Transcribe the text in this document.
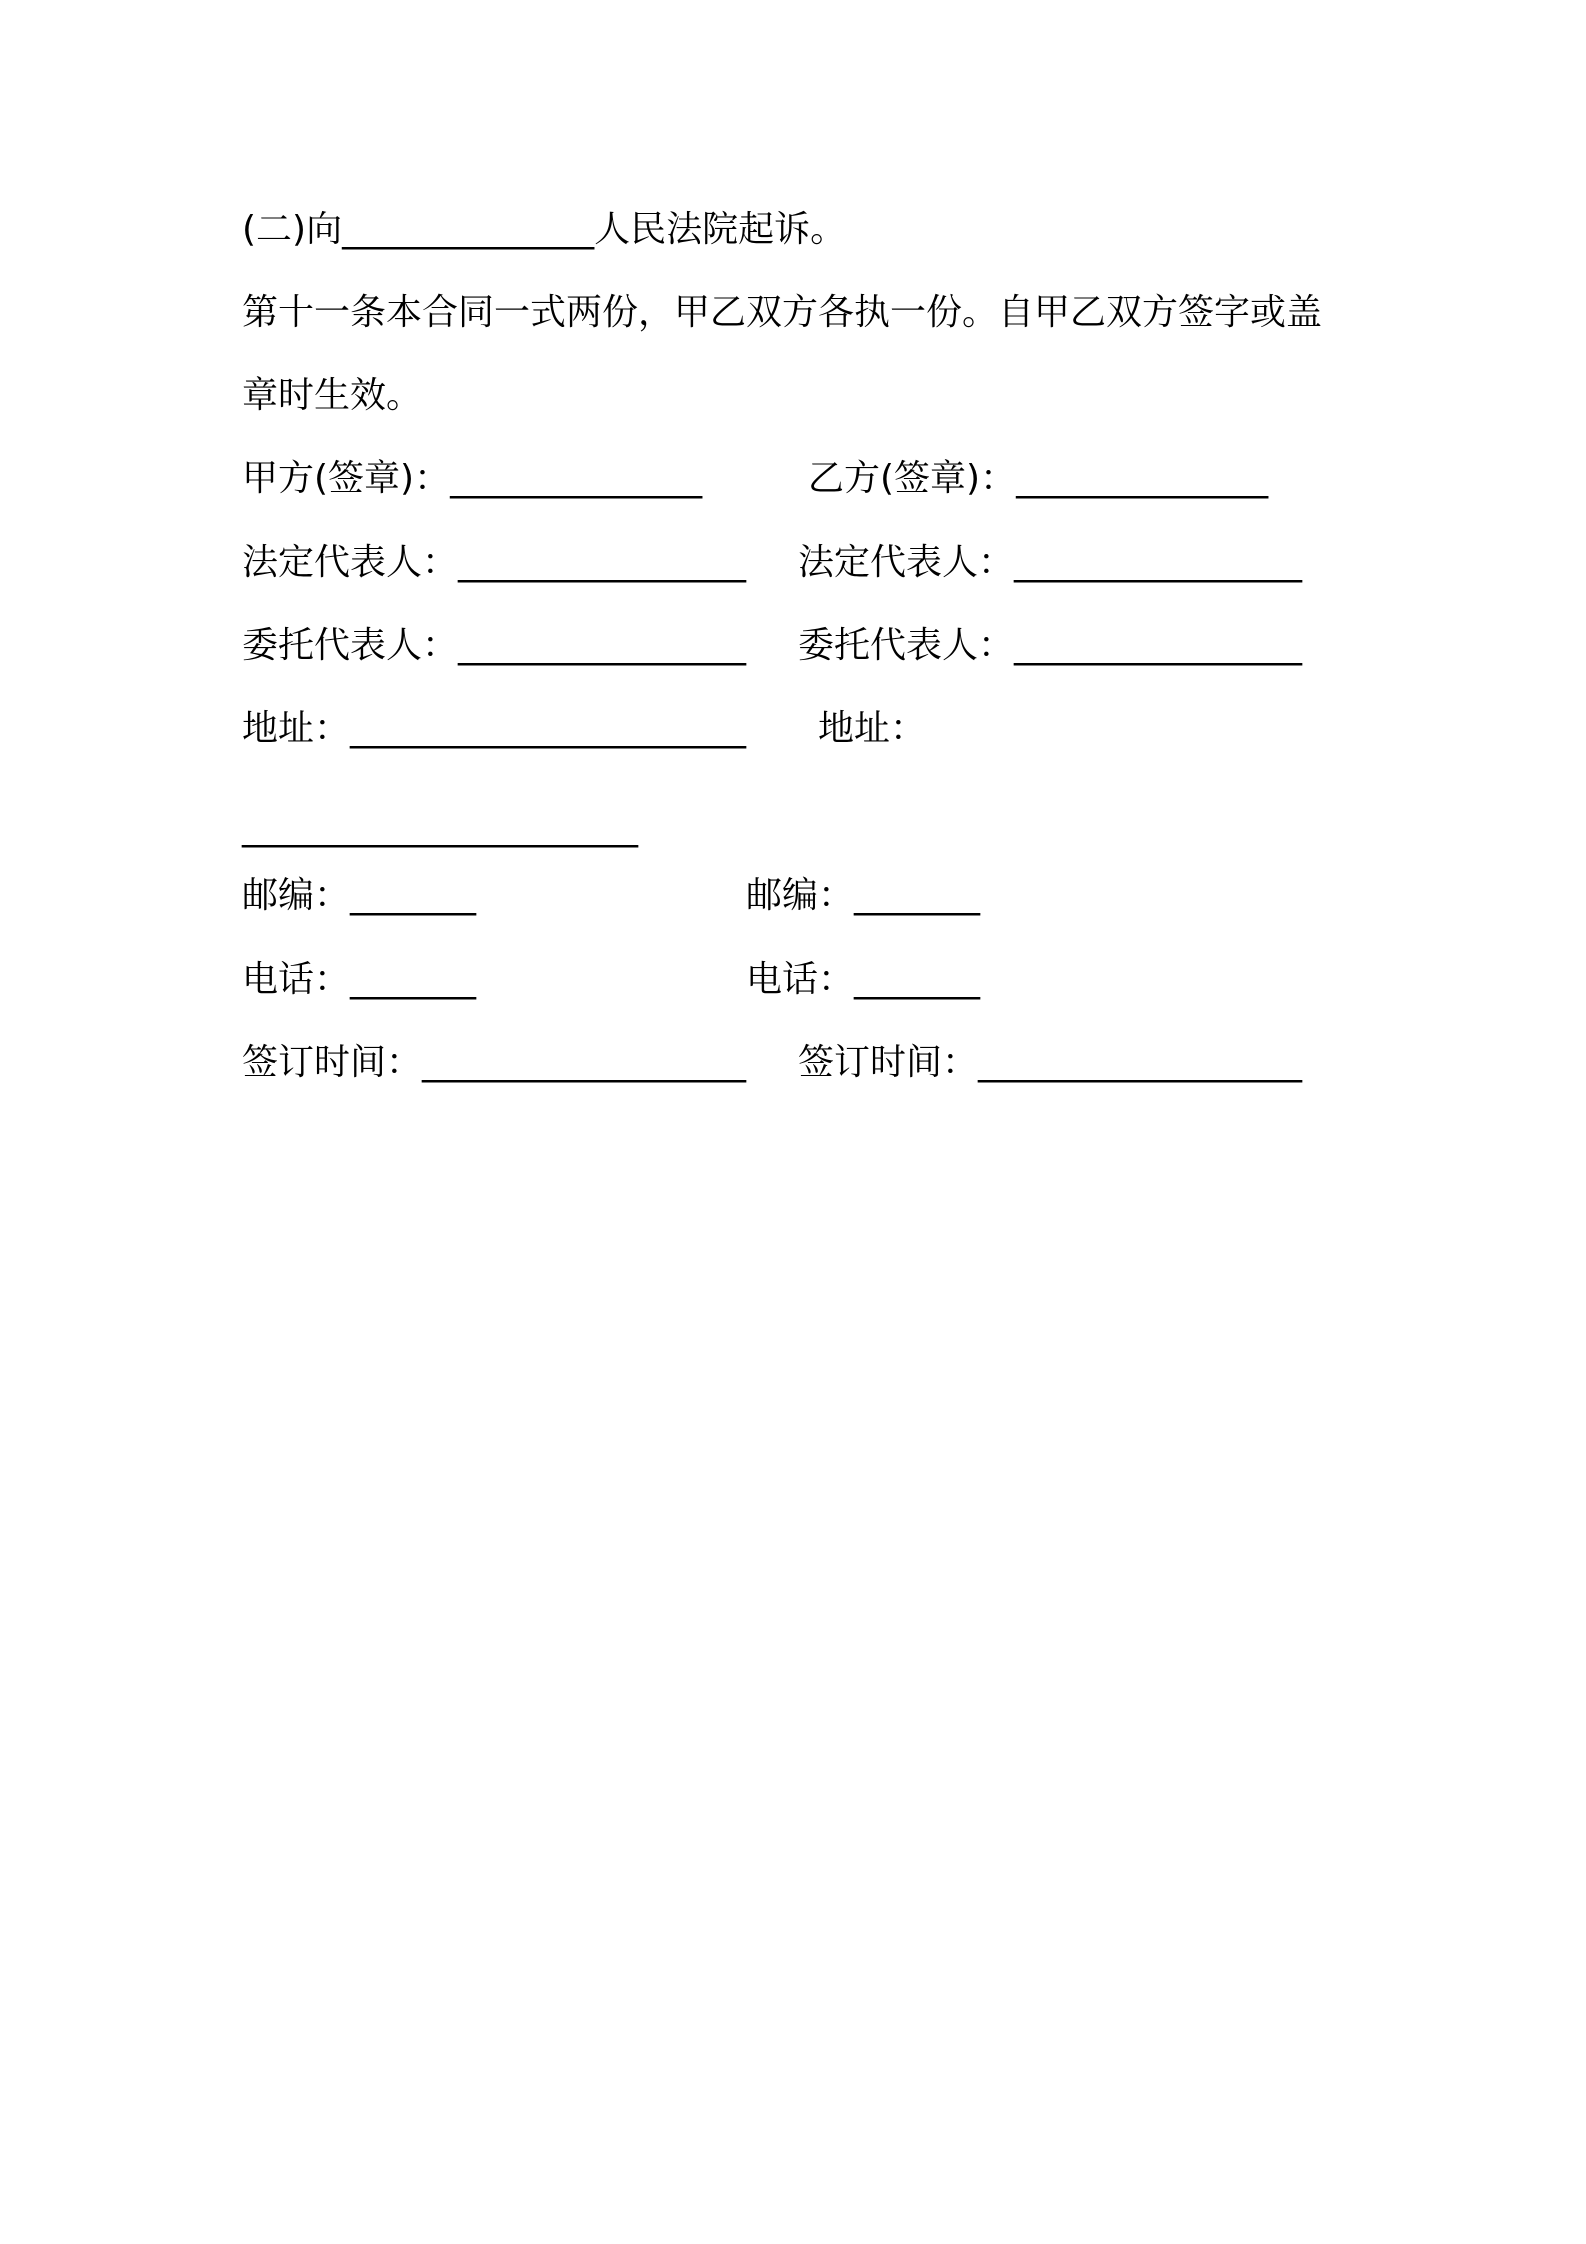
(二)向______________人民法院起诉。
第十一条本合同一式两份，甲乙双方各执一份。自甲乙双方签字或盖
章时生效。
甲方(签章)：______________	乙方(签章)：______________
法定代表人：________________ 法定代表人：________________
委托代表人：________________ 委托代表人：________________
地址：______________________ 地址：
______________________
邮编：_______	邮编：_______
电话：_______	电话：_______
签订时间：__________________ 签订时间：__________________
